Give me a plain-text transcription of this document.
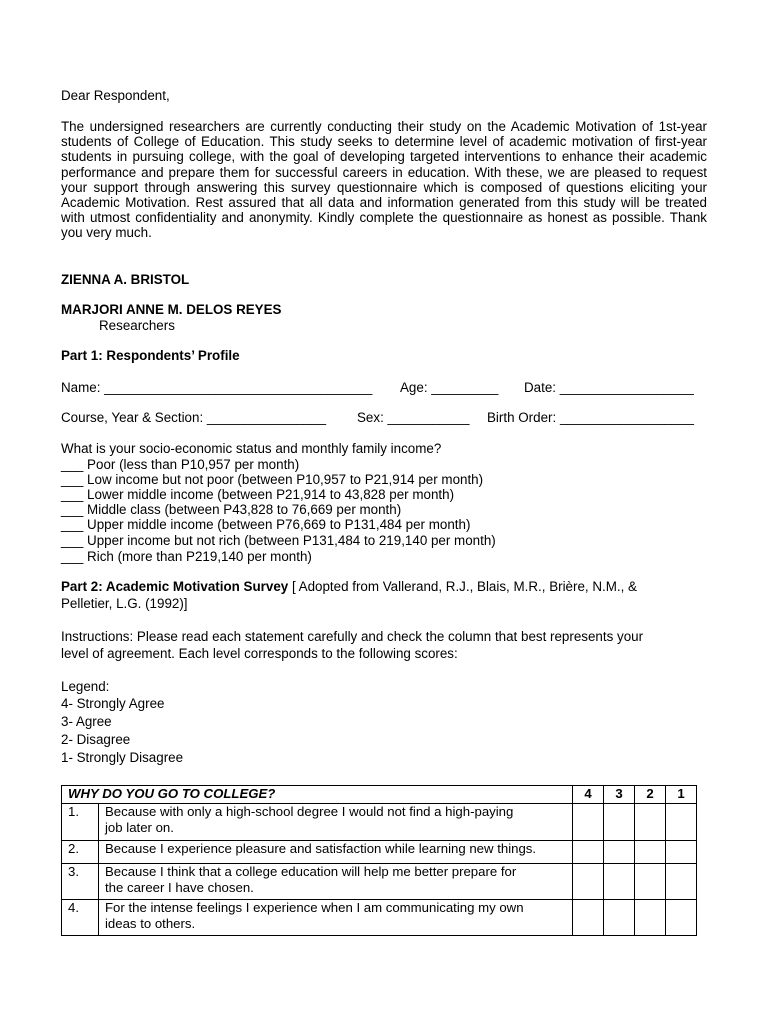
Dear Respondent,
The undersigned researchers are currently conducting their study on the Academic Motivation of 1st-year students of College of Education. This study seeks to determine level of academic motivation of first-year students in pursuing college, with the goal of developing targeted interventions to enhance their academic performance and prepare them for successful careers in education. With these, we are pleased to request your support through answering this survey questionnaire which is composed of questions eliciting your Academic Motivation. Rest assured that all data and information generated from this study will be treated with utmost confidentiality and anonymity. Kindly complete the questionnaire as honest as possible. Thank you very much.
ZIENNA A. BRISTOL
MARJORI ANNE M. DELOS REYES
Researchers
Part 1: Respondents’ Profile
Name: ____________________________________ Age: _________ Date: __________________
Course, Year & Section: ________________ Sex: ___________ Birth Order: __________________
What is your socio-economic status and monthly family income?
___ Poor (less than P10,957 per month)
___ Low income but not poor (between P10,957 to P21,914 per month)
___ Lower middle income (between P21,914 to 43,828 per month)
___ Middle class (between P43,828 to 76,669 per month)
___ Upper middle income (between P76,669 to P131,484 per month)
___ Upper income but not rich (between P131,484 to 219,140 per month)
___ Rich (more than P219,140 per month)
Part 2: Academic Motivation Survey [ Adopted from Vallerand, R.J., Blais, M.R., Brière, N.M., &
Pelletier, L.G. (1992)]
Instructions: Please read each statement carefully and check the column that best represents your
level of agreement. Each level corresponds to the following scores:
Legend:
4- Strongly Agree
3- Agree
2- Disagree
1- Strongly Disagree
WHY DO YOU GO TO COLLEGE?		4	3	2	1
1.	Because with only a high-school degree I would not find a high-paying
job later on.				

2.	Because I experience pleasure and satisfaction while learning new things.				

3.	Because I think that a college education will help me better prepare for
the career I have chosen.				

4.	For the intense feelings I experience when I am communicating my own
ideas to others.				
